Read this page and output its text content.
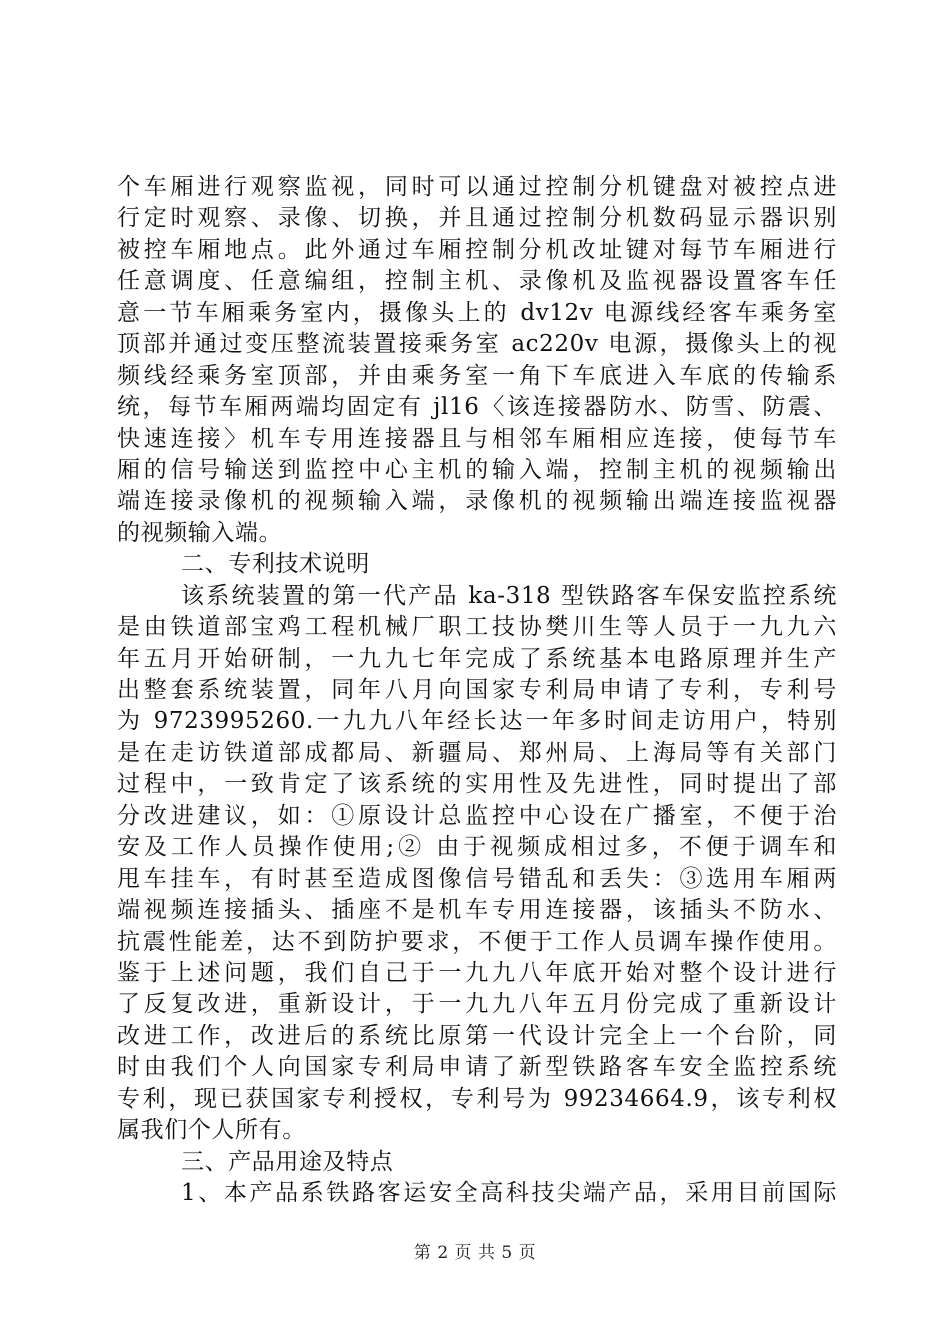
个车厢进行观察监视，同时可以通过控制分机键盘对被控点进
行定时观察、录像、切换，并且通过控制分机数码显示器识别
被控车厢地点。此外通过车厢控制分机改址键对每节车厢进行
任意调度、任意编组，控制主机、录像机及监视器设置客车任
意一节车厢乘务室内，摄像头上的 dv12v 电源线经客车乘务室
顶部并通过变压整流装置接乘务室 ac220v 电源，摄像头上的视
频线经乘务室顶部，并由乘务室一角下车底进入车底的传输系
统，每节车厢两端均固定有 jl16〈该连接器防水、防雪、防震、
快速连接〉机车专用连接器且与相邻车厢相应连接，使每节车
厢的信号输送到监控中心主机的输入端，控制主机的视频输出
端连接录像机的视频输入端，录像机的视频输出端连接监视器
的视频输入端。
二、专利技术说明
该系统装置的第一代产品 ka-318 型铁路客车保安监控系统
是由铁道部宝鸡工程机械厂职工技协樊川生等人员于一九九六
年五月开始研制，一九九七年完成了系统基本电路原理并生产
出整套系统装置，同年八月向国家专利局申请了专利，专利号
为 9723995260.一九九八年经长达一年多时间走访用户，特别
是在走访铁道部成都局、新疆局、郑州局、上海局等有关部门
过程中，一致肯定了该系统的实用性及先进性，同时提出了部
分改进建议，如：①原设计总监控中心设在广播室，不便于治
安及工作人员操作使用;② 由于视频成相过多，不便于调车和
甩车挂车，有时甚至造成图像信号错乱和丢失：③选用车厢两
端视频连接插头、插座不是机车专用连接器，该插头不防水、
抗震性能差，达不到防护要求，不便于工作人员调车操作使用。
鉴于上述问题，我们自己于一九九八年底开始对整个设计进行
了反复改进，重新设计，于一九九八年五月份完成了重新设计
改进工作，改进后的系统比原第一代设计完全上一个台阶，同
时由我们个人向国家专利局申请了新型铁路客车安全监控系统
专利，现已获国家专利授权，专利号为 99234664.9，该专利权
属我们个人所有。
三、产品用途及特点
1、本产品系铁路客运安全高科技尖端产品，采用目前国际
第 2 页 共 5 页
